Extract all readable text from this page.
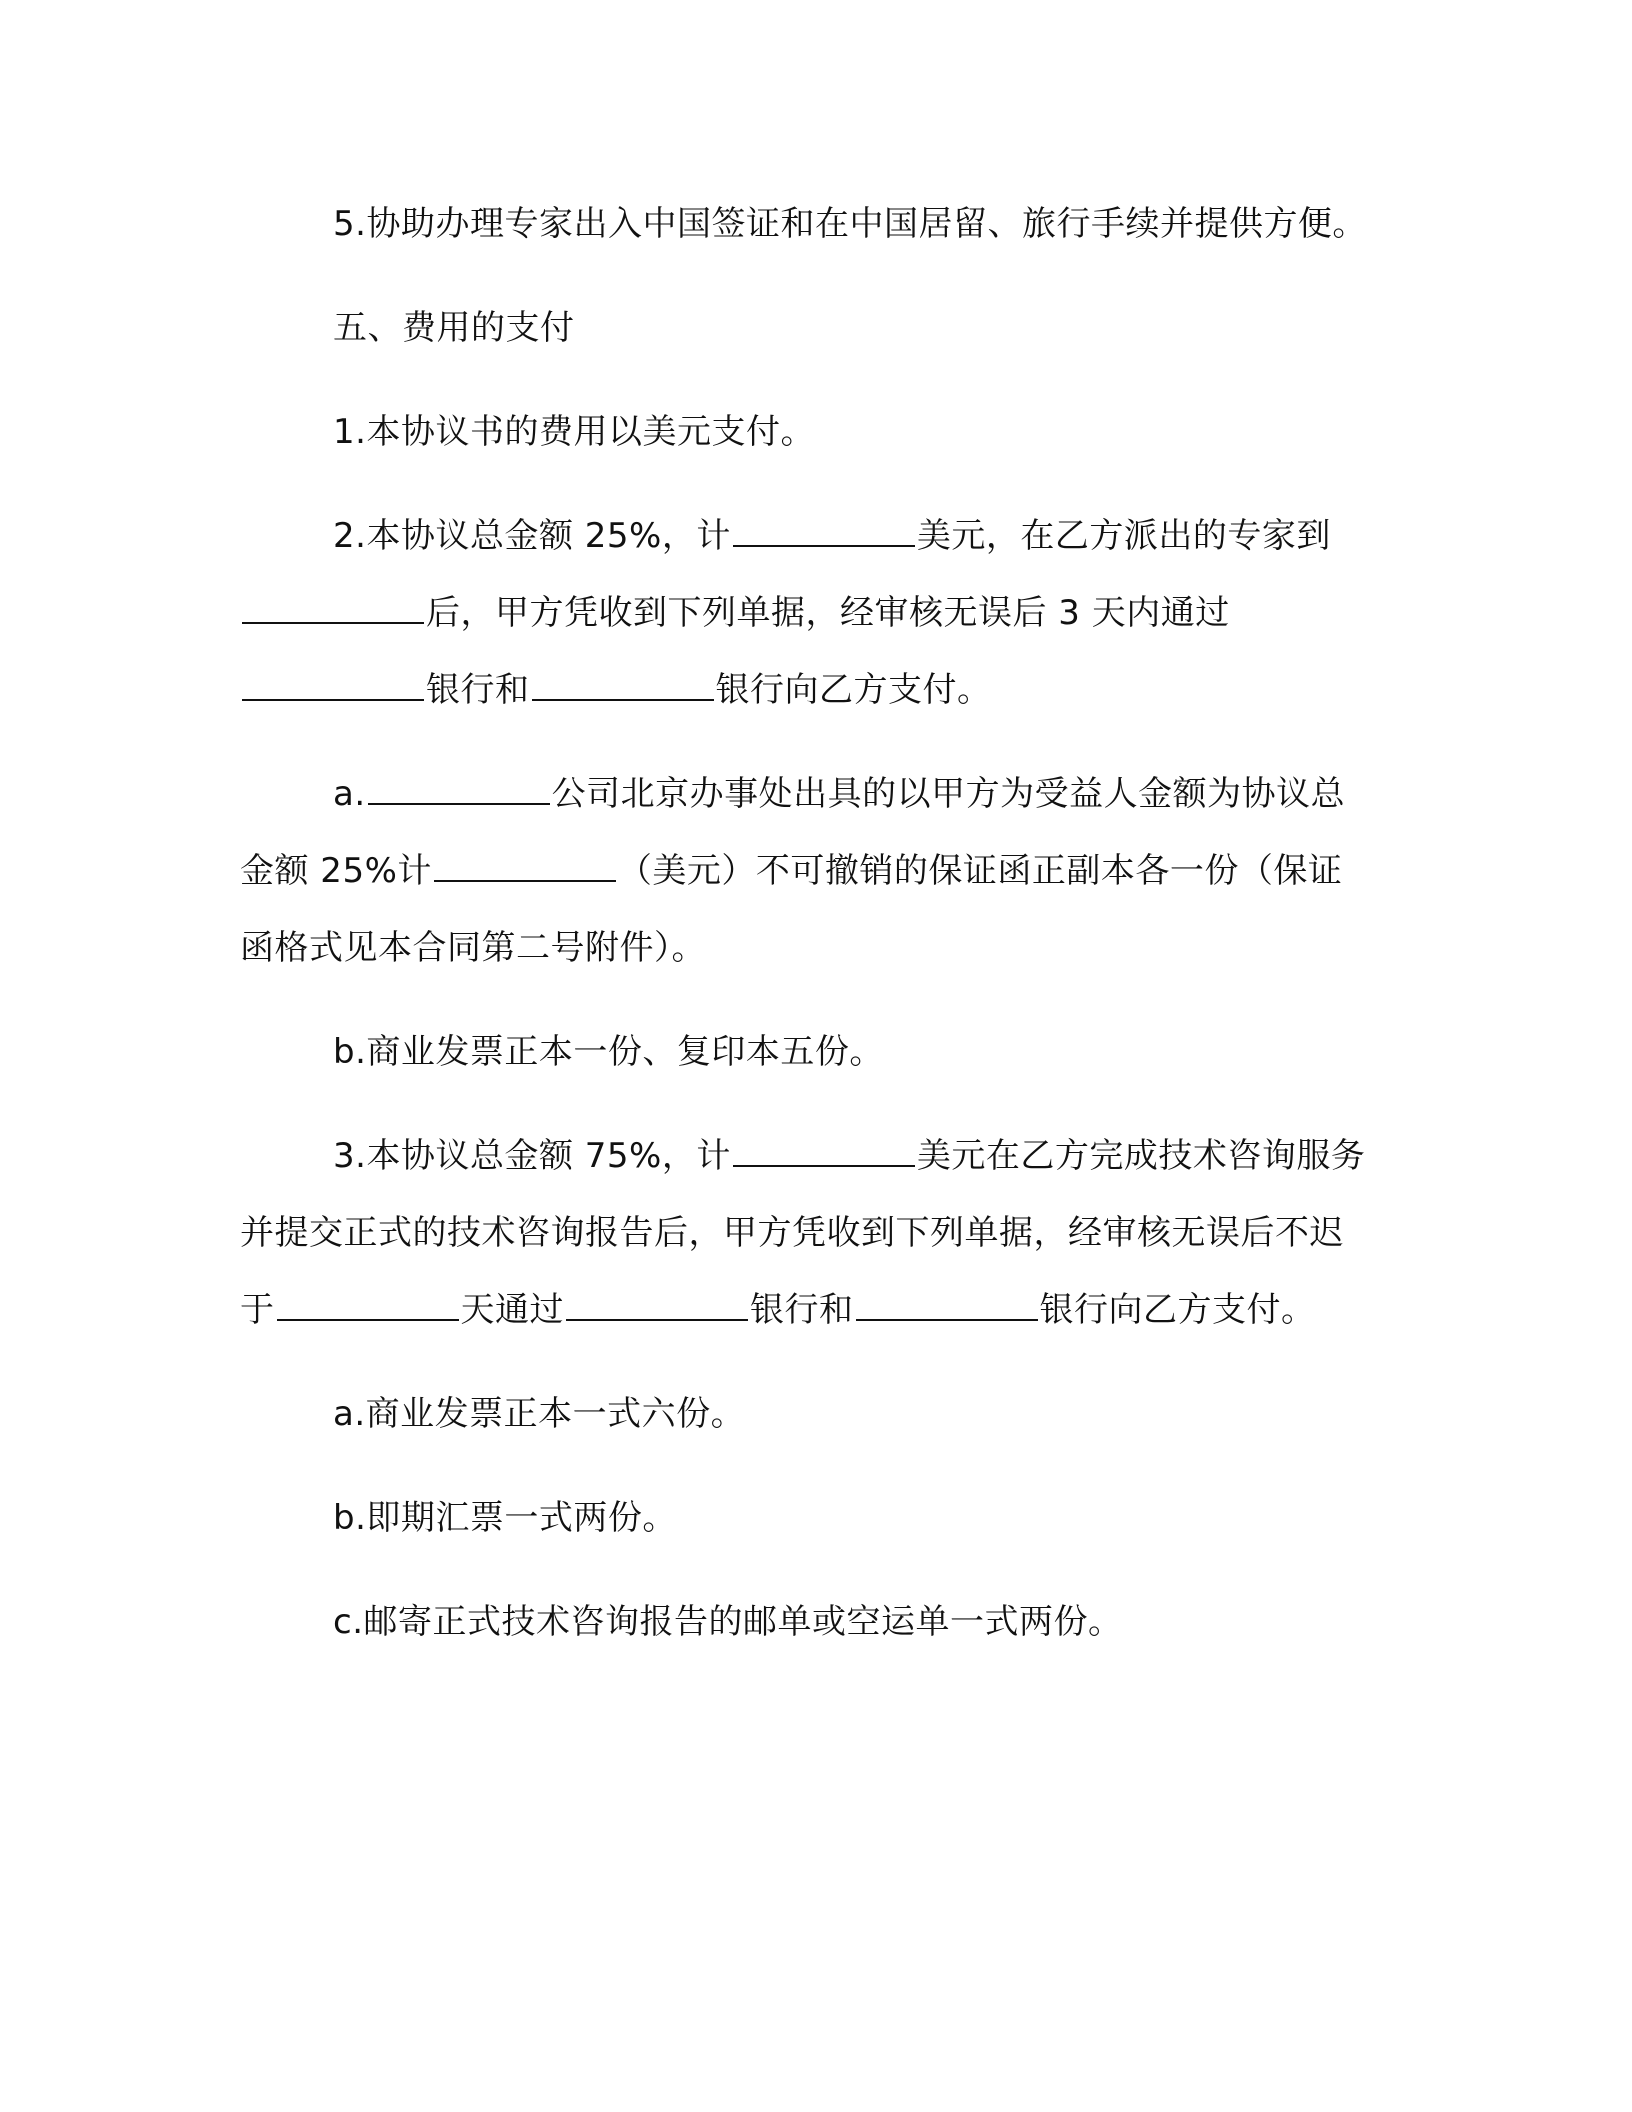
5.协助办理专家出入中国签证和在中国居留、旅行手续并提供方便。

五、费用的支付

1.本协议书的费用以美元支付。

2.本协议总金额 25%，计	美元，在乙方派出的专家到后，甲方凭收到下列单据，经审核无误后 3 天内通过银行和	银行向乙方支付。

a.	公司北京办事处出具的以甲方为受益人金额为协议总金额 25%计	（美元）不可撤销的保证函正副本各一份（保证函格式见本合同第二号附件）。

b.商业发票正本一份、复印本五份。

3.本协议总金额 75%，计	美元在乙方完成技术咨询服务并提交正式的技术咨询报告后，甲方凭收到下列单据，经审核无误后不迟于	天通过	银行和	银行向乙方支付。

a.商业发票正本一式六份。

b.即期汇票一式两份。

c.邮寄正式技术咨询报告的邮单或空运单一式两份。
